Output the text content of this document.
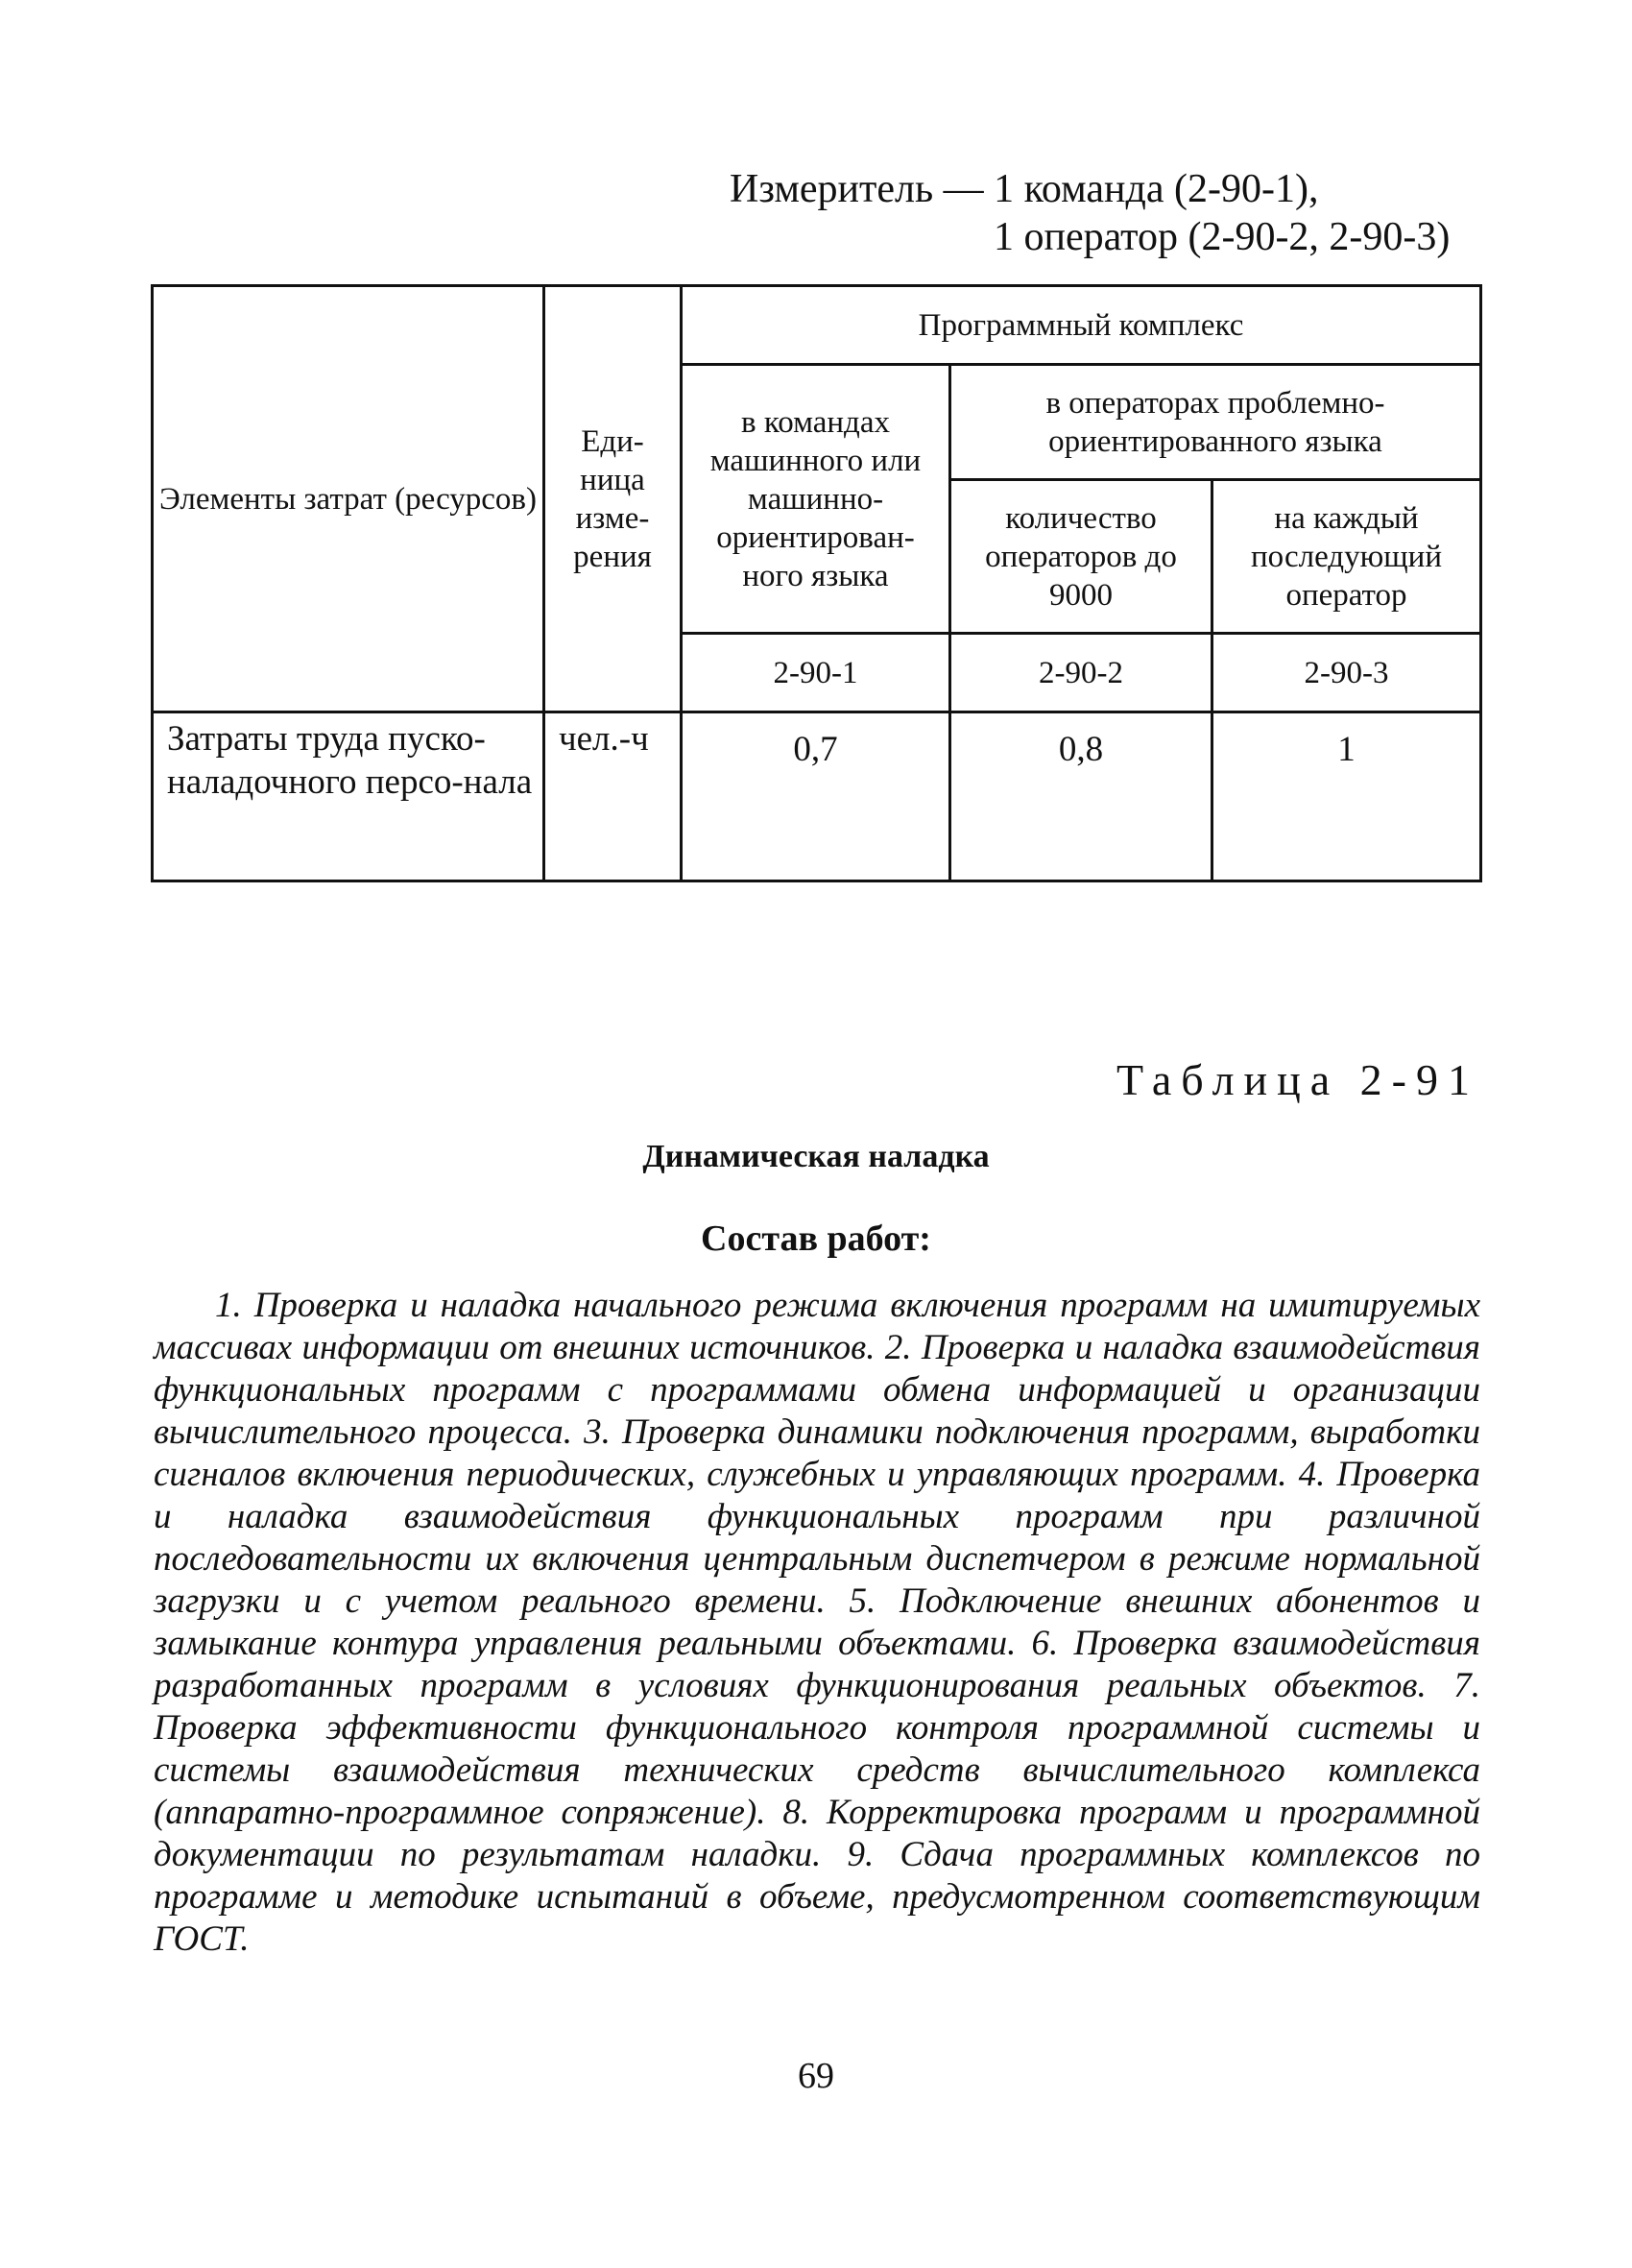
Измеритель — 1 команда (2-90-1),
1 оператор (2-90-2, 2-90-3)
Элементы затрат (ресурсов)	Еди-ница изме-рения	Программный комплекс		
		в командах машинного или машинно-ориентирован-ного языка	в операторах проблемно-ориентированного языка	
			количество операторов до 9000	на каждый последующий оператор
		2-90-1	2-90-2	2-90-3
Затраты труда пуско-наладочного персо-нала	чел.-ч	0,7	0,8	1
Таблица 2-91
Динамическая наладка
Состав работ:

1. Проверка и наладка начального режима включения программ на имитируемых массивах информации от внешних источников. 2. Проверка и наладка взаимодействия функциональных программ с программами обмена информацией и организации вычислительного процесса. 3. Проверка динамики подключения программ, выработки сигналов включения периодических, служебных и управляющих программ. 4. Проверка и наладка взаимодействия функциональных программ при различной последовательности их включения центральным диспетчером в режиме нормальной загрузки и с учетом реального времени. 5. Подключение внешних абонентов и замыкание контура управления реальными объектами. 6. Проверка взаимодействия разработанных программ в условиях функционирования реальных объектов. 7. Проверка эффективности функционального контроля программной системы и системы взаимодействия технических средств вычислительного комплекса (аппаратно-программное сопряжение). 8. Корректировка программ и программной документации по результатам наладки. 9. Сдача программных комплексов по программе и методике испытаний в объеме, предусмотренном соответствующим ГОСТ.

69
